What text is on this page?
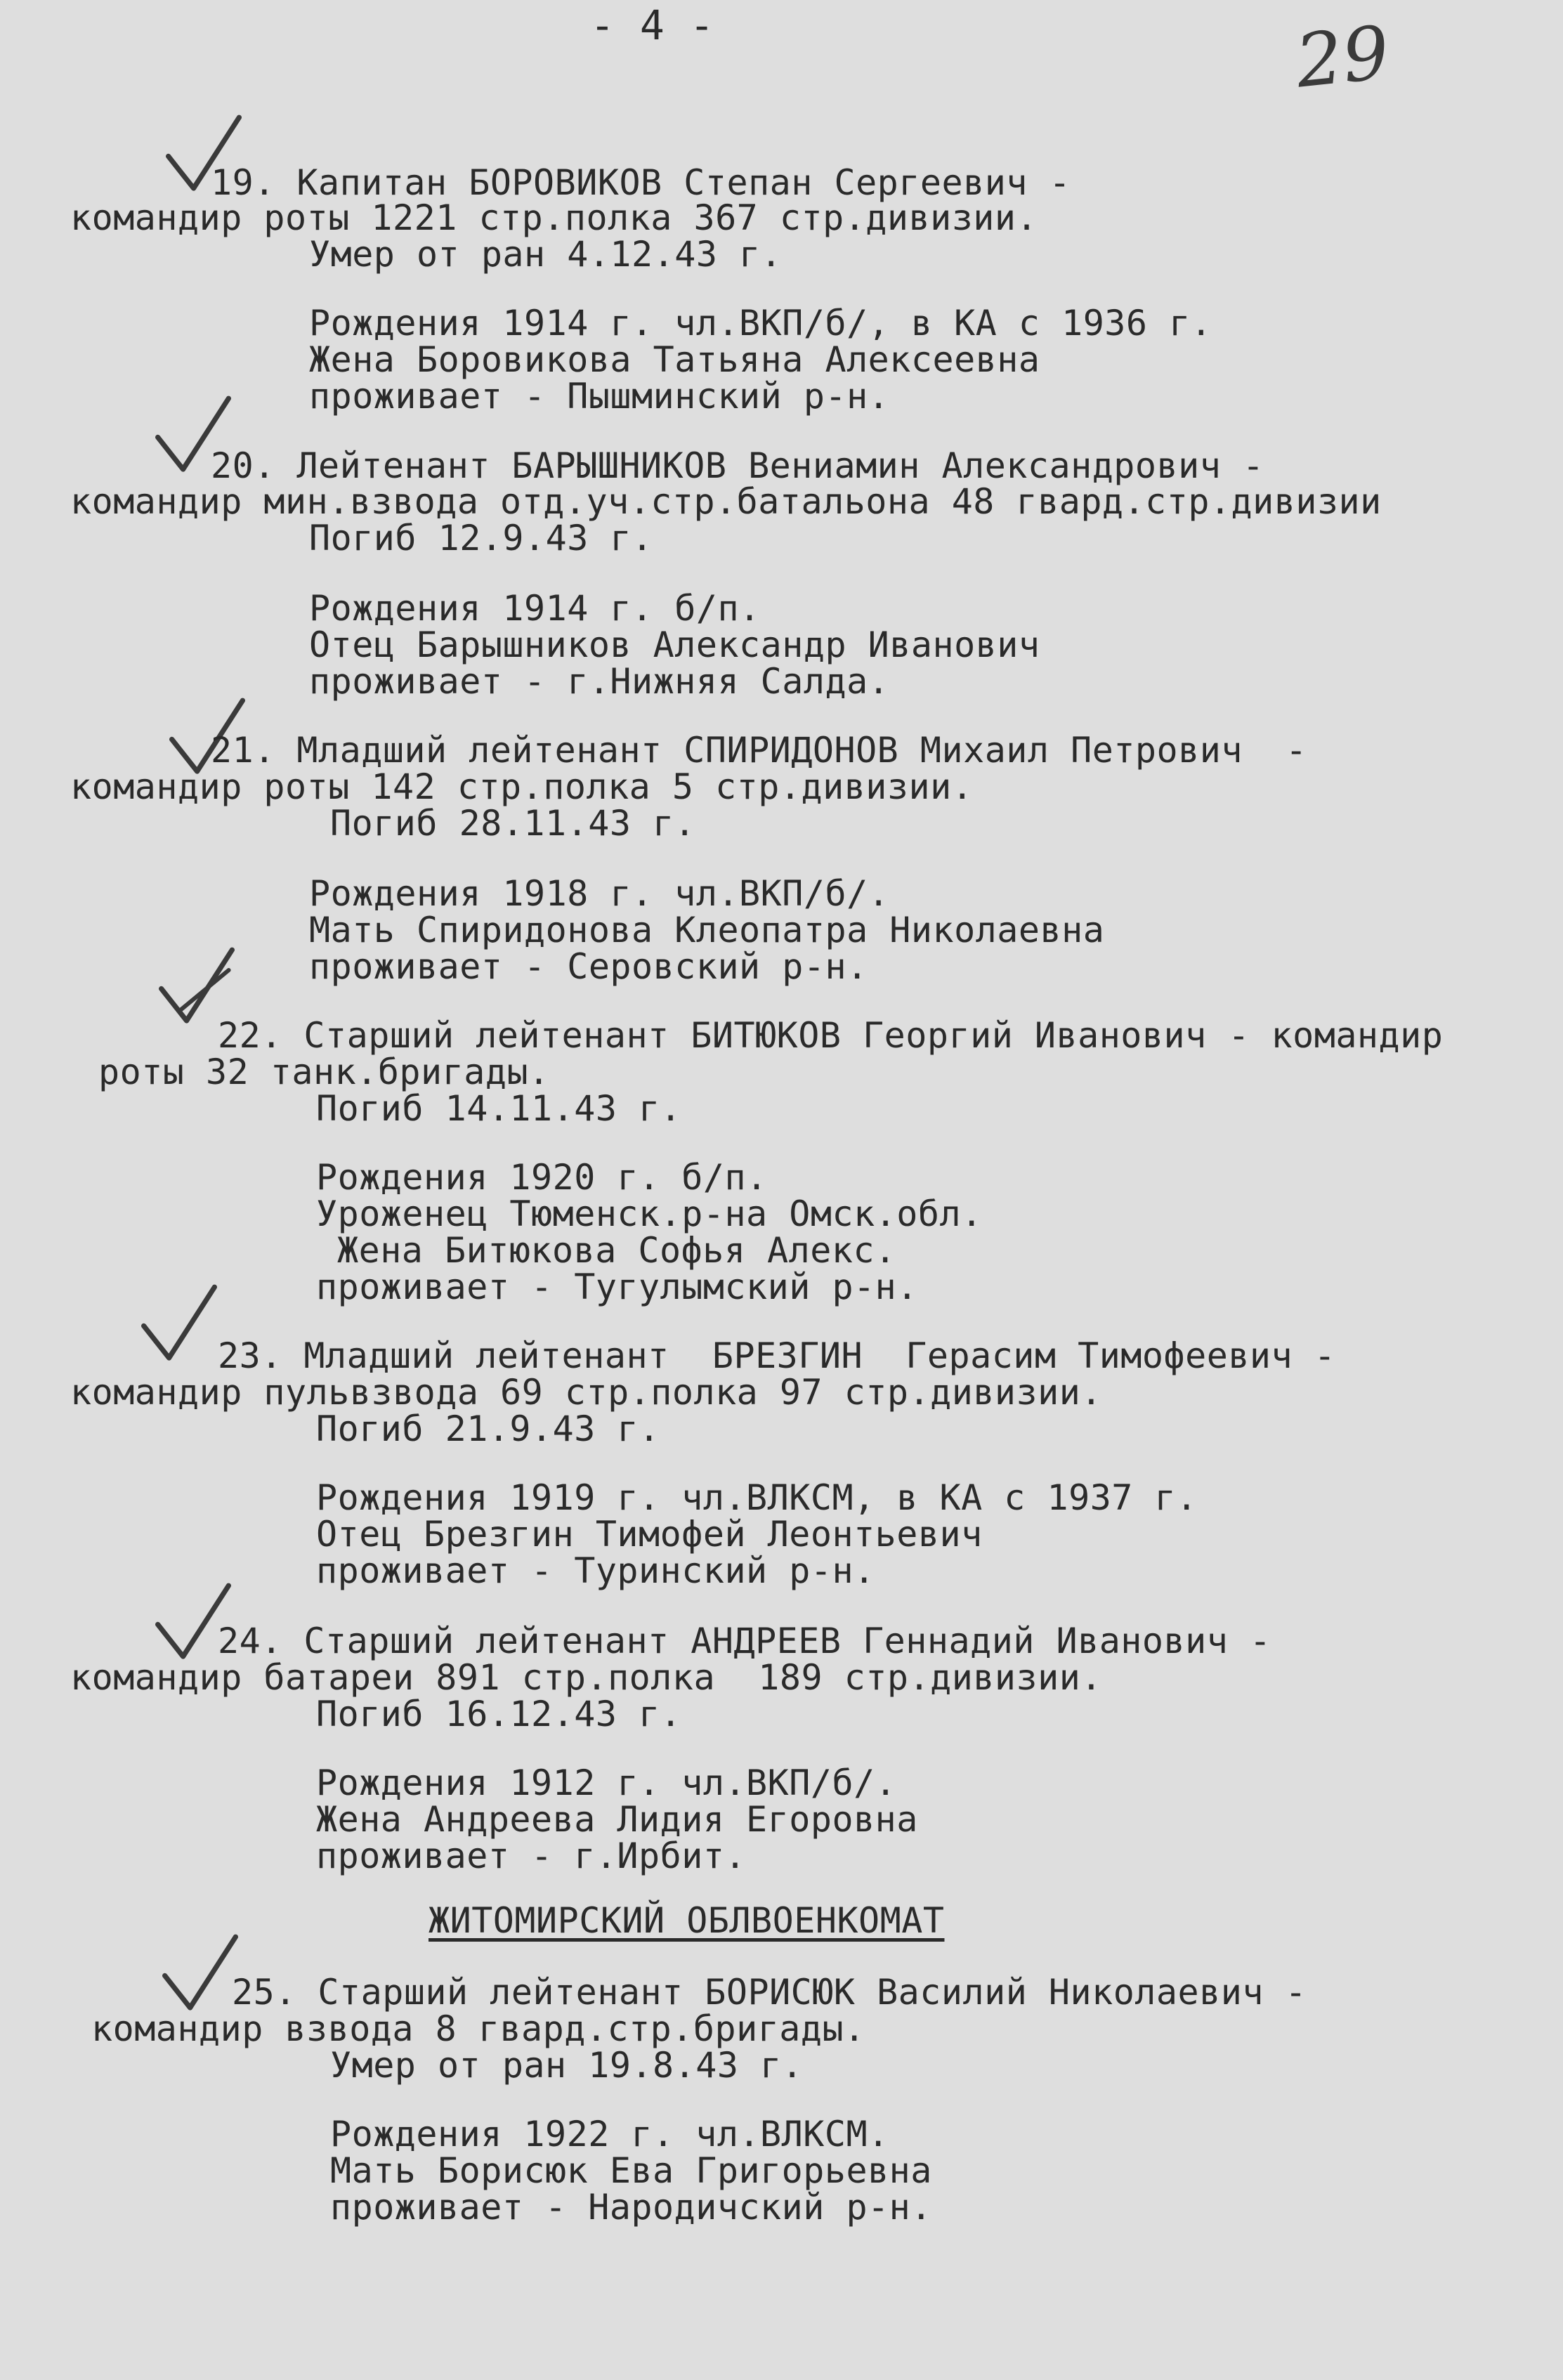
- 4 -	29
19. Капитан БОРОВИКОВ Степан Сергеевич -
командир роты 1221 стр.полка 367 стр.дивизии.
Умер от ран 4.12.43 г.
Рождения 1914 г. чл.ВКП/б/, в КА с 1936 г.
Жена Боровикова Татьяна Алексеевна
проживает - Пышминский р-н.
20. Лейтенант БАРЫШНИКОВ Вениамин Александрович -
командир мин.взвода отд.уч.стр.батальона 48 гвард.стр.дивизии
Погиб 12.9.43 г.
Рождения 1914 г. б/п.
Отец Барышников Александр Иванович
проживает - г.Нижняя Салда.
21. Младший лейтенант СПИРИДОНОВ Михаил Петрович  -
командир роты 142 стр.полка 5 стр.дивизии.
Погиб 28.11.43 г.
Рождения 1918 г. чл.ВКП/б/.
Мать Спиридонова Клеопатра Николаевна
проживает - Серовский р-н.
22. Старший лейтенант БИТЮКОВ Георгий Иванович - командир
роты 32 танк.бригады.
Погиб 14.11.43 г.
Рождения 1920 г. б/п.
Уроженец Тюменск.р-на Омск.обл.
Жена Битюкова Софья Алекс.
проживает - Тугулымский р-н.
23. Младший лейтенант  БРЕЗГИН  Герасим Тимофеевич -
командир пульвзвода 69 стр.полка 97 стр.дивизии.
Погиб 21.9.43 г.
Рождения 1919 г. чл.ВЛКСМ, в КА с 1937 г.
Отец Брезгин Тимофей Леонтьевич
проживает - Туринский р-н.
24. Старший лейтенант АНДРЕЕВ Геннадий Иванович -
командир батареи 891 стр.полка  189 стр.дивизии.
Погиб 16.12.43 г.
Рождения 1912 г. чл.ВКП/б/.
Жена Андреева Лидия Егоровна
проживает - г.Ирбит.
ЖИТОМИРСКИЙ ОБЛВОЕНКОМАТ
25. Старший лейтенант БОРИСЮК Василий Николаевич -
командир взвода 8 гвард.стр.бригады.
Умер от ран 19.8.43 г.
Рождения 1922 г. чл.ВЛКСМ.
Мать Борисюк Ева Григорьевна
проживает - Народичский р-н.
